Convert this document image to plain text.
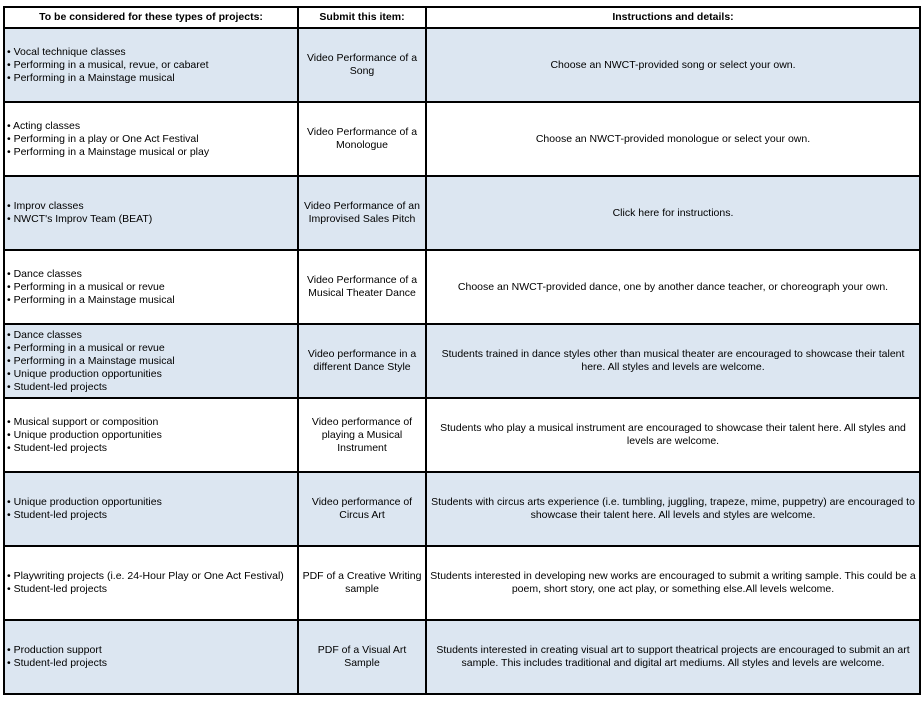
To be considered for these types of projects:	Submit this item:	Instructions and details:

• Vocal technique classes
• Performing in a musical, revue, or cabaret
• Performing in a Mainstage musical	Video Performance of a Song	Choose an NWCT-provided song or select your own.

• Acting classes
• Performing in a play or One Act Festival
• Performing in a Mainstage musical or play	Video Performance of a Monologue	Choose an NWCT-provided monologue or select your own.

• Improv classes
• NWCT's Improv Team (BEAT)	Video Performance of an Improvised Sales Pitch	Click here for instructions.

• Dance classes
• Performing in a musical or revue
• Performing in a Mainstage musical	Video Performance of a Musical Theater Dance	Choose an NWCT-provided dance, one by another dance teacher, or choreograph your own.

• Dance classes
• Performing in a musical or revue
• Performing in a Mainstage musical
• Unique production opportunities
• Student-led projects	Video performance in a different Dance Style	Students trained in dance styles other than musical theater are encouraged to showcase their talent here. All styles and levels are welcome.

• Musical support or composition
• Unique production opportunities
• Student-led projects	Video performance of playing a Musical Instrument	Students who play a musical instrument are encouraged to showcase their talent here. All styles and levels are welcome.

• Unique production opportunities
• Student-led projects	Video performance of Circus Art	Students with circus arts experience (i.e. tumbling, juggling, trapeze, mime, puppetry) are encouraged to showcase their talent here. All levels and styles are welcome.

• Playwriting projects (i.e. 24-Hour Play or One Act Festival)
• Student-led projects	PDF of a Creative Writing sample	Students interested in developing new works are encouraged to submit a writing sample. This could be a poem, short story, one act play, or something else.All levels welcome.

• Production support
• Student-led projects	PDF of a Visual Art Sample	Students interested in creating visual art to support theatrical projects are encouraged to submit an art sample. This includes traditional and digital art mediums. All styles and levels are welcome.
